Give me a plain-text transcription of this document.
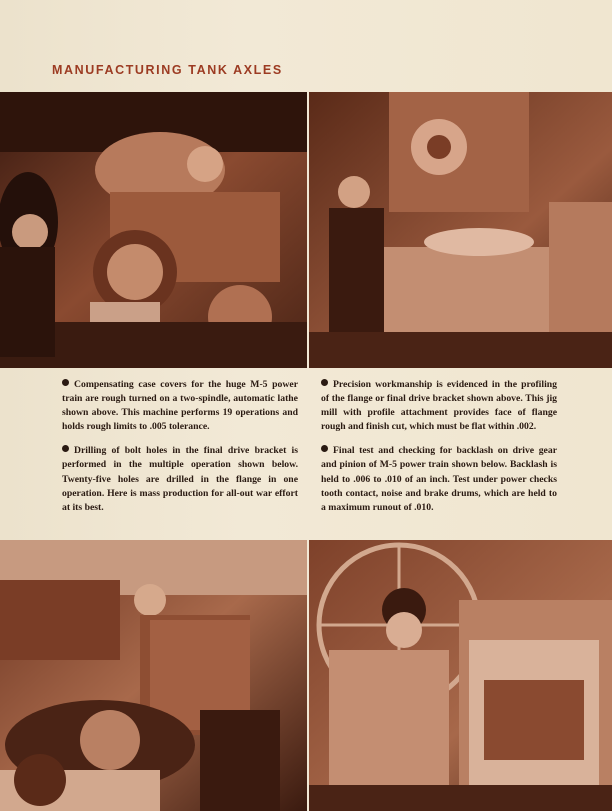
MANUFACTURING TANK AXLES

Compensating case covers for the huge M-5 power train are rough turned on a two-spindle, automatic lathe shown above. This machine performs 19 operations and holds rough limits to .005 tolerance.

Drilling of bolt holes in the final drive bracket is performed in the multiple operation shown below. Twenty-five holes are drilled in the flange in one operation. Here is mass production for all-out war effort at its best.

Precision workmanship is evidenced in the profiling of the flange or final drive bracket shown above. This jig mill with profile attachment provides face of flange rough and finish cut, which must be flat within .002.

Final test and checking for backlash on drive gear and pinion of M-5 power train shown below. Backlash is held to .006 to .010 of an inch. Test under power checks tooth contact, noise and brake drums, which are held to a maximum runout of .010.
